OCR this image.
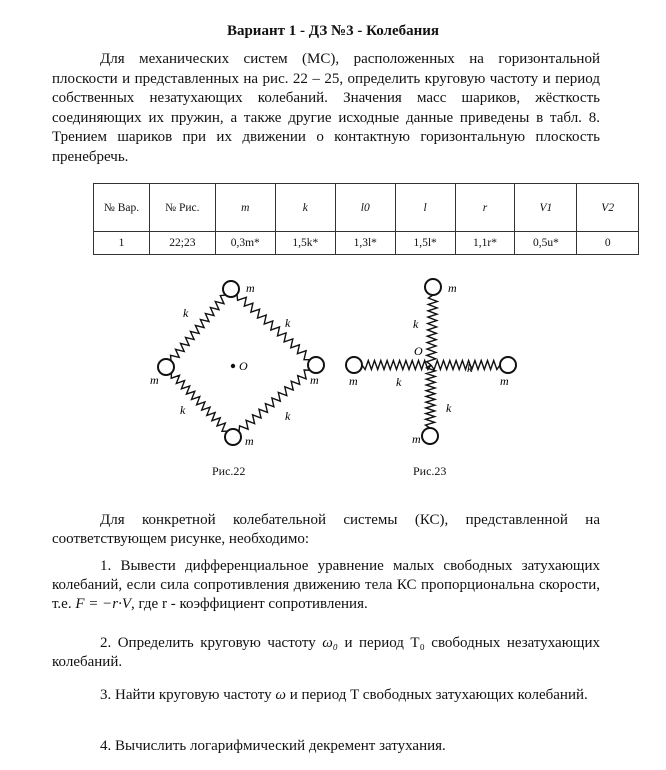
Вариант 1 - ДЗ №3 - Колебания
Для механических систем (МС), расположенных на горизонтальной плоскости и представленных на рис. 22 – 25, определить круговую частоту и период собственных незатухающих колебаний. Значения масс шариков, жёсткость соединяющих их пружин, а также другие исходные данные приведены в табл. 8. Трением шариков при их движении о контактную горизонтальную плоскость пренебречь.
№ Вар.	№ Рис.	m	k	l0	l	r	V1	V2
1	22;23	0,3m*	1,5k*	1,3l*	1,5l*	1,1r*	0,5u*	0
k
k
k	k
m
m	m
m
O
m
m	m
m
k
k
k
k
O
Рис.22	Рис.23
Для конкретной колебательной системы (КС), представленной на соответствующем рисунке, необходимо:
1. Вывести дифференциальное уравнение малых свободных затухающих колебаний, если сила сопротивления движению тела КС пропорциональна скорости, т.е. F = −r·V, где r - коэффициент сопротивления.
2. Определить круговую частоту ω₀ и период T₀ свободных незатухающих колебаний.
3. Найти круговую частоту ω и период T свободных затухающих колебаний.
4. Вычислить логарифмический декремент затухания.
